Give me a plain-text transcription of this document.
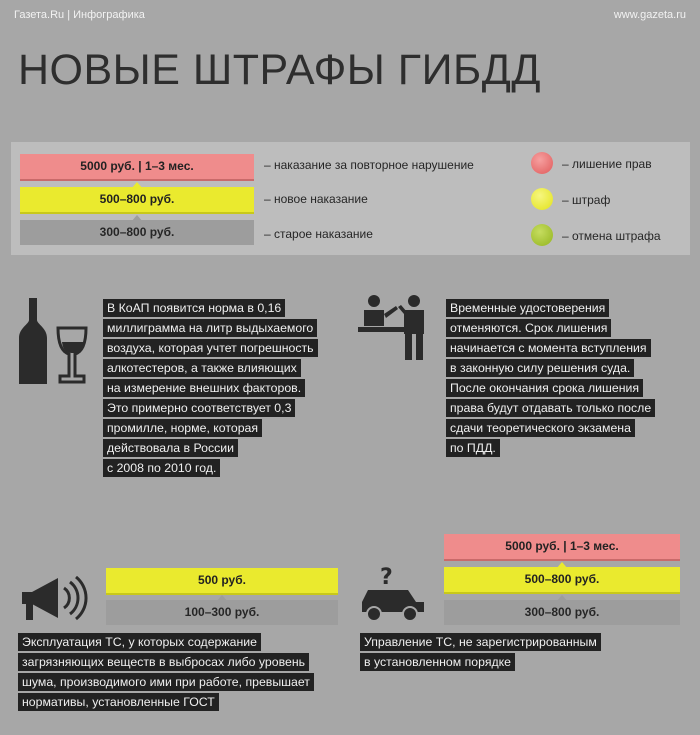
Газета.Ru | Инфографика	www.gazeta.ru
НОВЫЕ ШТРАФЫ ГИБДД
5000 руб. | 1–3 мес.
500–800 руб.
300–800 руб.
– наказание за повторное нарушение
– новое наказание
– старое наказание
– лишение прав
– штраф
– отмена штрафа
В КоАП появится норма в 0,16
миллиграмма на литр выдыхаемого
воздуха, которая учтет погрешность
алкотестеров, а также влияющих
на измерение внешних факторов.
Это примерно соответствует 0,3
промилле, норме, которая
действовала в России
с 2008 по 2010 год.
Временные удостоверения
отменяются. Срок лишения
начинается с момента вступления
в законную силу решения суда.
После окончания срока лишения
права будут отдавать только после
сдачи теоретического экзамена
по ПДД.
500 руб.
100–300 руб.
Эксплуатация ТС, у которых содержание
загрязняющих веществ в выбросах либо уровень
шума, производимого ими при работе, превышает
нормативы, установленные ГОСТ
?
5000 руб. | 1–3 мес.
500–800 руб.
300–800 руб.
Управление ТС, не зарегистрированным
в установленном порядке
